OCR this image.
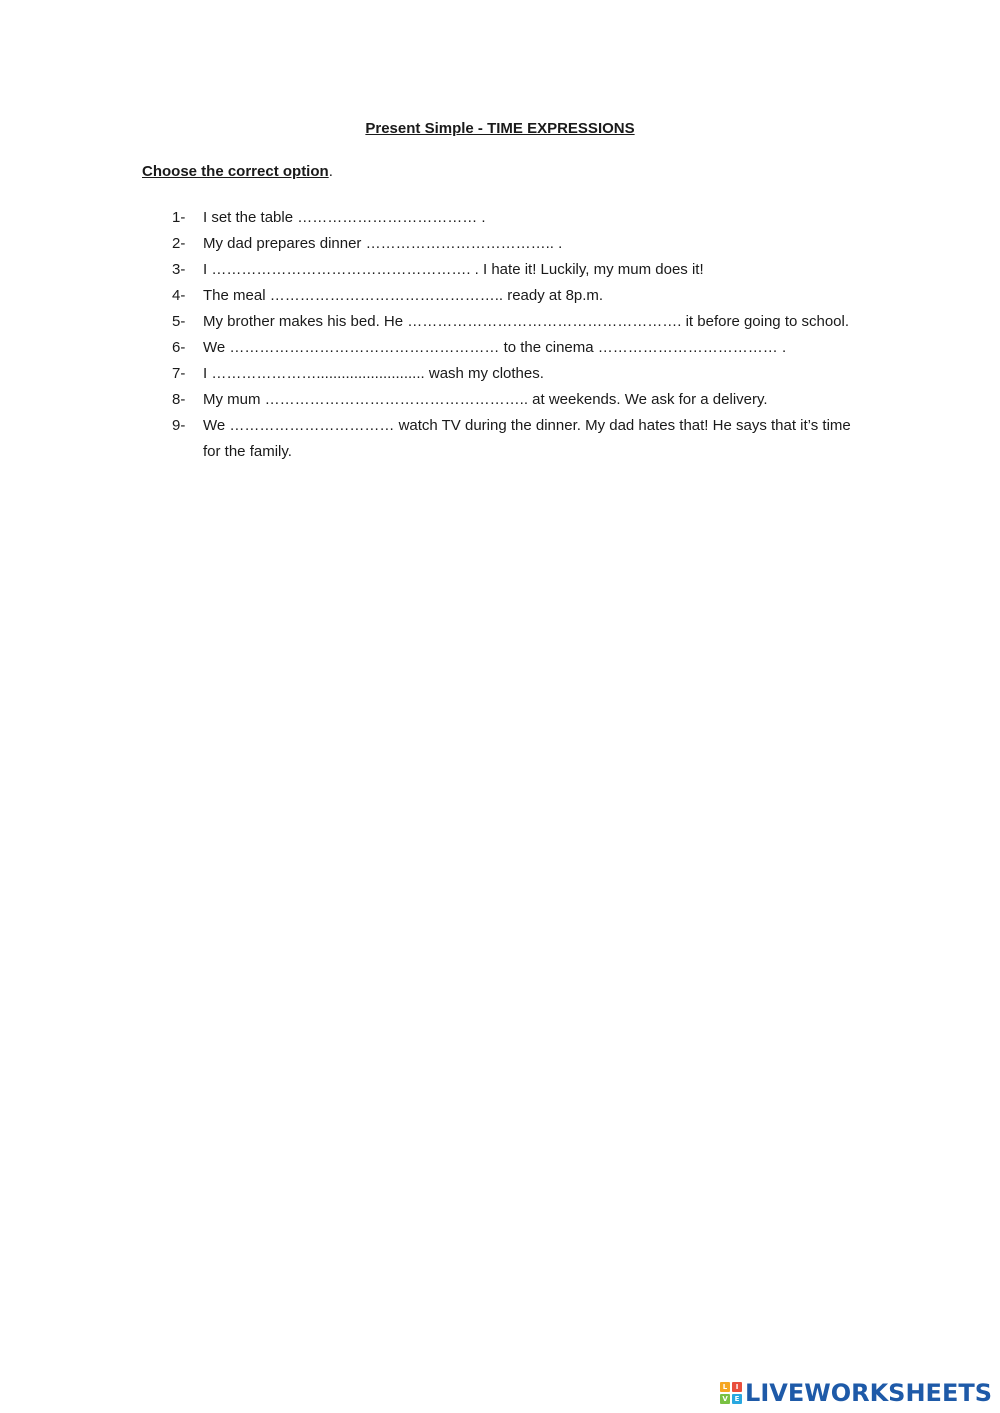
Present Simple - TIME EXPRESSIONS
Choose the correct option.
1- I set the table ……………………………… .
2- My dad prepares dinner ……………………………….. .
3- I ……………………………………………. . I hate it! Luckily, my mum does it!
4- The meal ……………………………………….. ready at 8p.m.
5- My brother makes his bed. He ………………………………………………. it before going to school.
6- We ……………………………………………… to the cinema ……………………………… .
7- I ………………….......................... wash my clothes.
8- My mum …………………………………………….. at weekends. We ask for a delivery.
9- We …………………………… watch TV during the dinner. My dad hates that! He says that it’s time for the family.
L	I
V E LIVEWORKSHEETS
